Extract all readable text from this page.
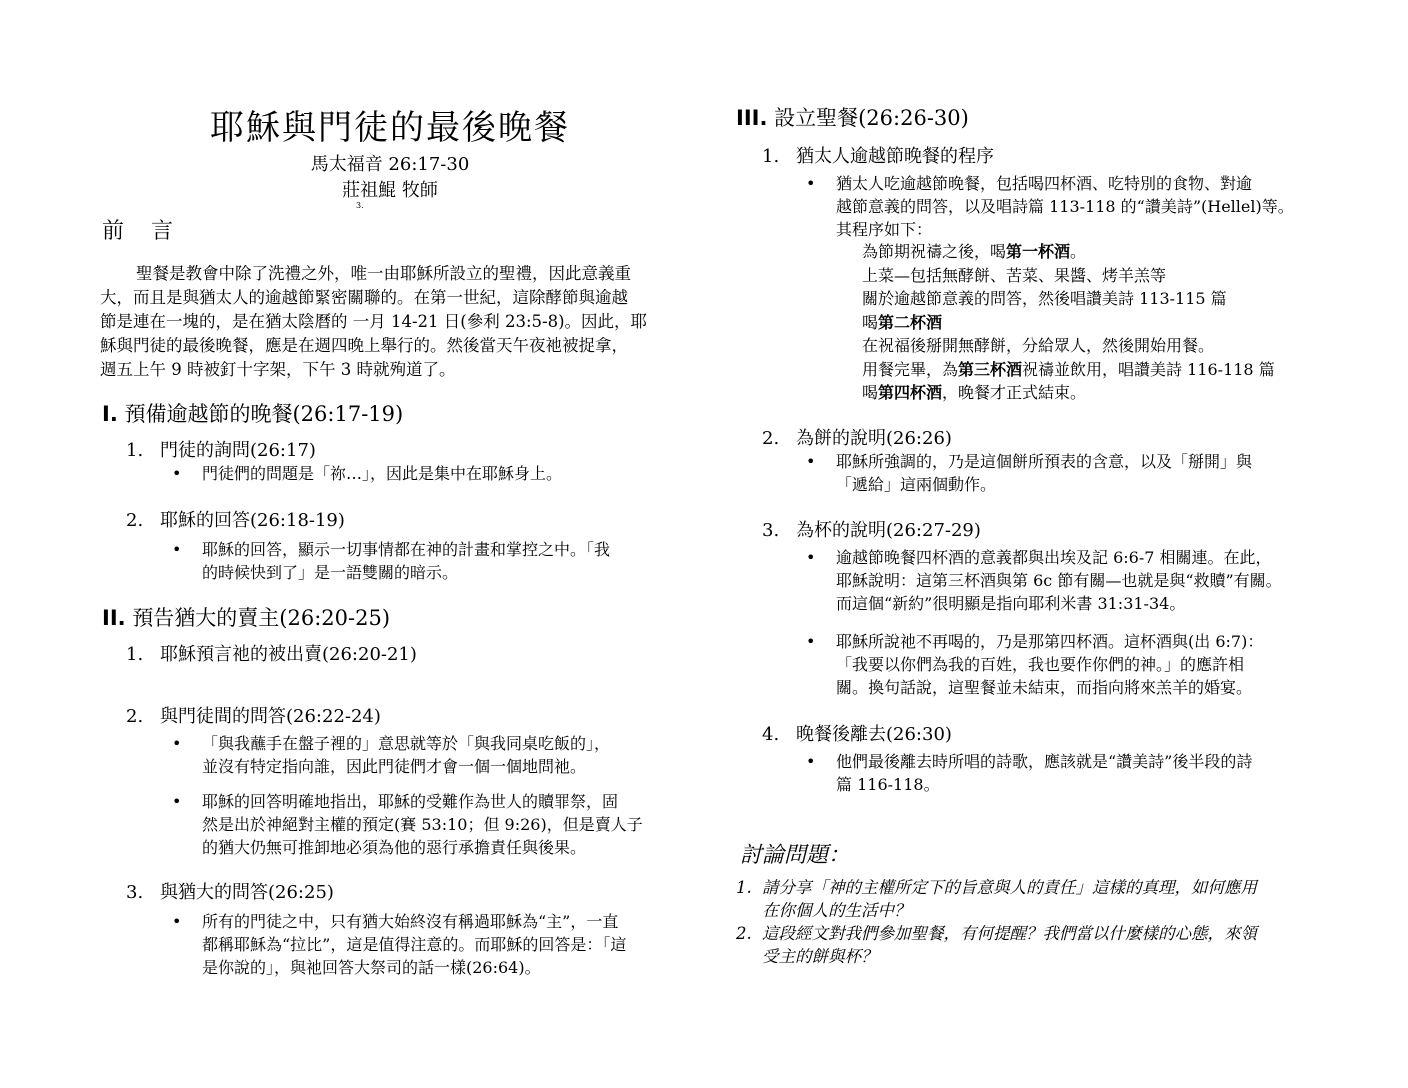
耶穌與門徒的最後晚餐
馬太福音 26:17-30
莊祖鯤 牧師
3.
前 言
聖餐是教會中除了洗禮之外，唯一由耶穌所設立的聖禮，因此意義重
大，而且是與猶太人的逾越節緊密關聯的。在第一世紀，這除酵節與逾越
節是連在一塊的，是在猶太陰曆的 一月 14-21 日(參利 23:5-8)。因此，耶
穌與門徒的最後晚餐，應是在週四晚上舉行的。然後當天午夜祂被捉拿，
週五上午 9 時被釘十字架，下午 3 時就殉道了。
I. 預備逾越節的晚餐(26:17-19)
1. 門徒的詢問(26:17)
• 門徒們的問題是「祢…」，因此是集中在耶穌身上。
2. 耶穌的回答(26:18-19)
• 耶穌的回答，顯示一切事情都在神的計畫和掌控之中。「我
的時候快到了」是一語雙關的暗示。
II. 預告猶大的賣主(26:20-25)
1. 耶穌預言祂的被出賣(26:20-21)
2. 與門徒間的問答(26:22-24)
• 「與我蘸手在盤子裡的」意思就等於「與我同桌吃飯的」，
並沒有特定指向誰，因此門徒們才會一個一個地問祂。
• 耶穌的回答明確地指出，耶穌的受難作為世人的贖罪祭，固
然是出於神絕對主權的預定(賽 53:10；但 9:26)，但是賣人子
的猶大仍無可推卸地必須為他的惡行承擔責任與後果。
3. 與猶大的問答(26:25)
• 所有的門徒之中，只有猶大始終沒有稱過耶穌為“主”，一直
都稱耶穌為“拉比”，這是值得注意的。而耶穌的回答是：「這
是你說的」，與祂回答大祭司的話一樣(26:64)。
III. 設立聖餐(26:26-30)
1. 猶太人逾越節晚餐的程序
• 猶太人吃逾越節晚餐，包括喝四杯酒、吃特別的食物、對逾
越節意義的問答，以及唱詩篇 113-118 的“讚美詩”(Hellel)等。
其程序如下：
為節期祝禱之後，喝第一杯酒。
上菜—包括無酵餅、苦菜、果醬、烤羊羔等
關於逾越節意義的問答，然後唱讚美詩 113-115 篇
喝第二杯酒
在祝福後掰開無酵餅，分給眾人，然後開始用餐。
用餐完畢，為第三杯酒祝禱並飲用，唱讚美詩 116-118 篇
喝第四杯酒，晚餐才正式結束。
2. 為餅的說明(26:26)
• 耶穌所強調的，乃是這個餅所預表的含意，以及「掰開」與
「遞給」這兩個動作。
3. 為杯的說明(26:27-29)
• 逾越節晚餐四杯酒的意義都與出埃及記 6:6-7 相關連。在此，
耶穌說明：這第三杯酒與第 6c 節有關—也就是與“救贖”有關。
而這個“新約”很明顯是指向耶利米書 31:31-34。
• 耶穌所說祂不再喝的，乃是那第四杯酒。這杯酒與(出 6:7)：
「我要以你們為我的百姓，我也要作你們的神。」的應許相
關。換句話說，這聖餐並未結束，而指向將來羔羊的婚宴。
4. 晚餐後離去(26:30)
• 他們最後離去時所唱的詩歌，應該就是“讚美詩”後半段的詩
篇 116-118。
討論問題：
1. 請分享「神的主權所定下的旨意與人的責任」這樣的真理，如何應用
在你個人的生活中？
2. 這段經文對我們參加聖餐，有何提醒？我們當以什麼樣的心態，來領
受主的餅與杯？
